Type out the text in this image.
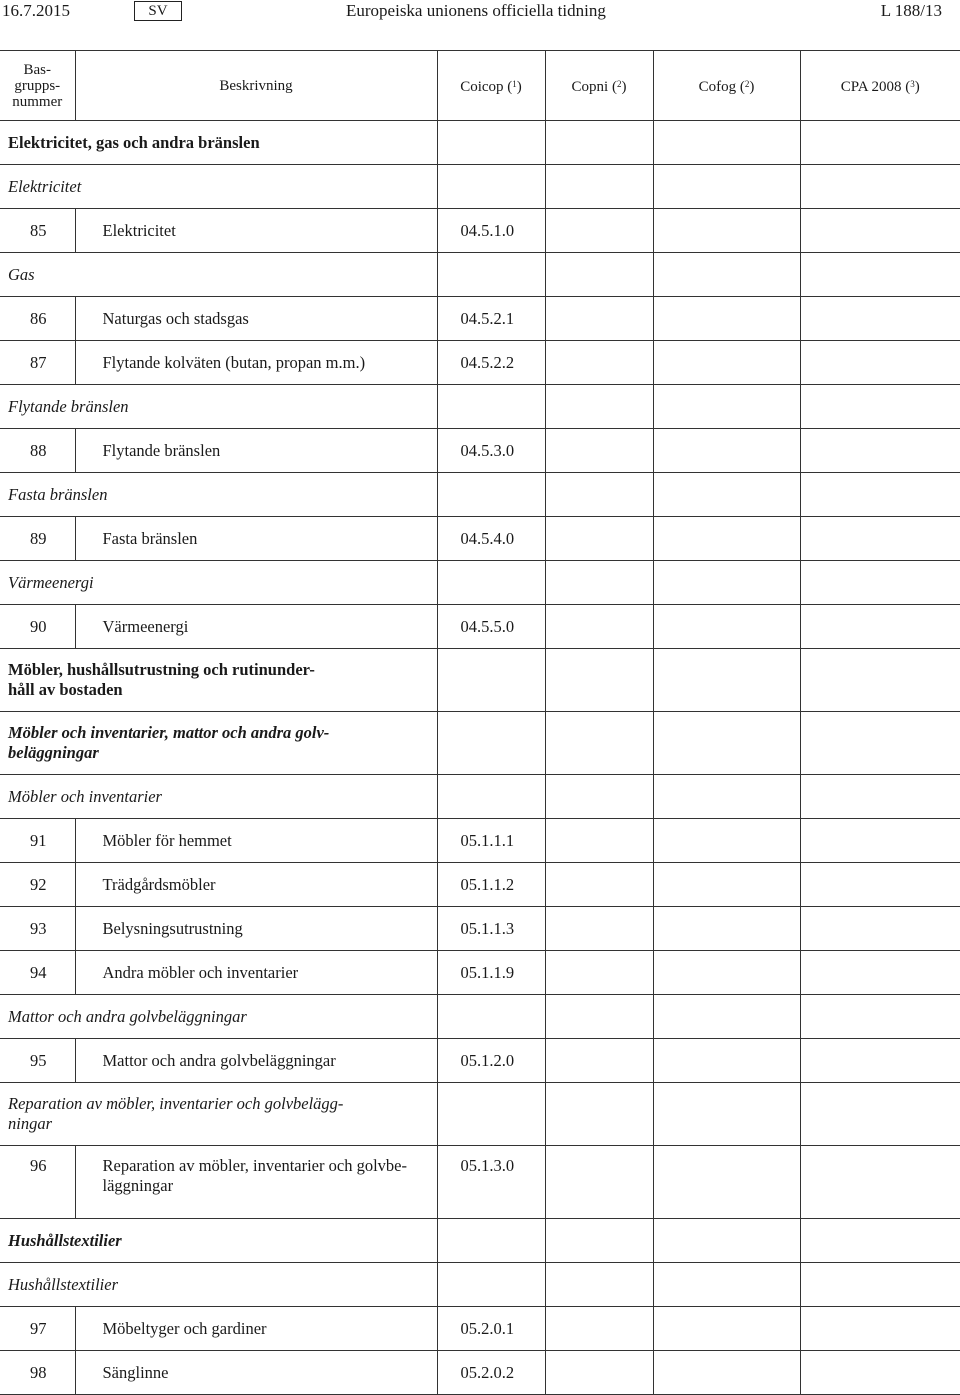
16.7.2015	SV	Europeiska unionens officiella tidning	L 188/13
Bas-
grupps-
nummer	Beskrivning	Coicop ($^1$)	Copni ($^2$)	Cofog ($^2$)	CPA 2008 ($^3$)
Elektricitet, gas och andra bränslen					
Elektricitet					
85	Elektricitet	04.5.1.0			
Gas					
86	Naturgas och stadsgas	04.5.2.1			
87	Flytande kolväten (butan, propan m.m.)	04.5.2.2			
Flytande bränslen					
88	Flytande bränslen	04.5.3.0			
Fasta bränslen					
89	Fasta bränslen	04.5.4.0			
Värmeenergi					
90	Värmeenergi	04.5.5.0			

Möbler, hushållsutrustning och rutinunder-
håll av bostaden					

Möbler och inventarier, mattor och andra golv-
beläggningar					

Möbler och inventarier					
91	Möbler för hemmet	05.1.1.1			
92	Trädgårdsmöbler	05.1.1.2			
93	Belysningsutrustning	05.1.1.3			
94	Andra möbler och inventarier	05.1.1.9			
Mattor och andra golvbeläggningar					
95	Mattor och andra golvbeläggningar	05.1.2.0			

Reparation av möbler, inventarier och golvbelägg-
ningar					

96	Reparation av möbler, inventarier och golvbe-
läggningar	05.1.3.0			
Hushållstextilier					
Hushållstextilier					
97	Möbeltyger och gardiner	05.2.0.1			
98	Sänglinne	05.2.0.2			
